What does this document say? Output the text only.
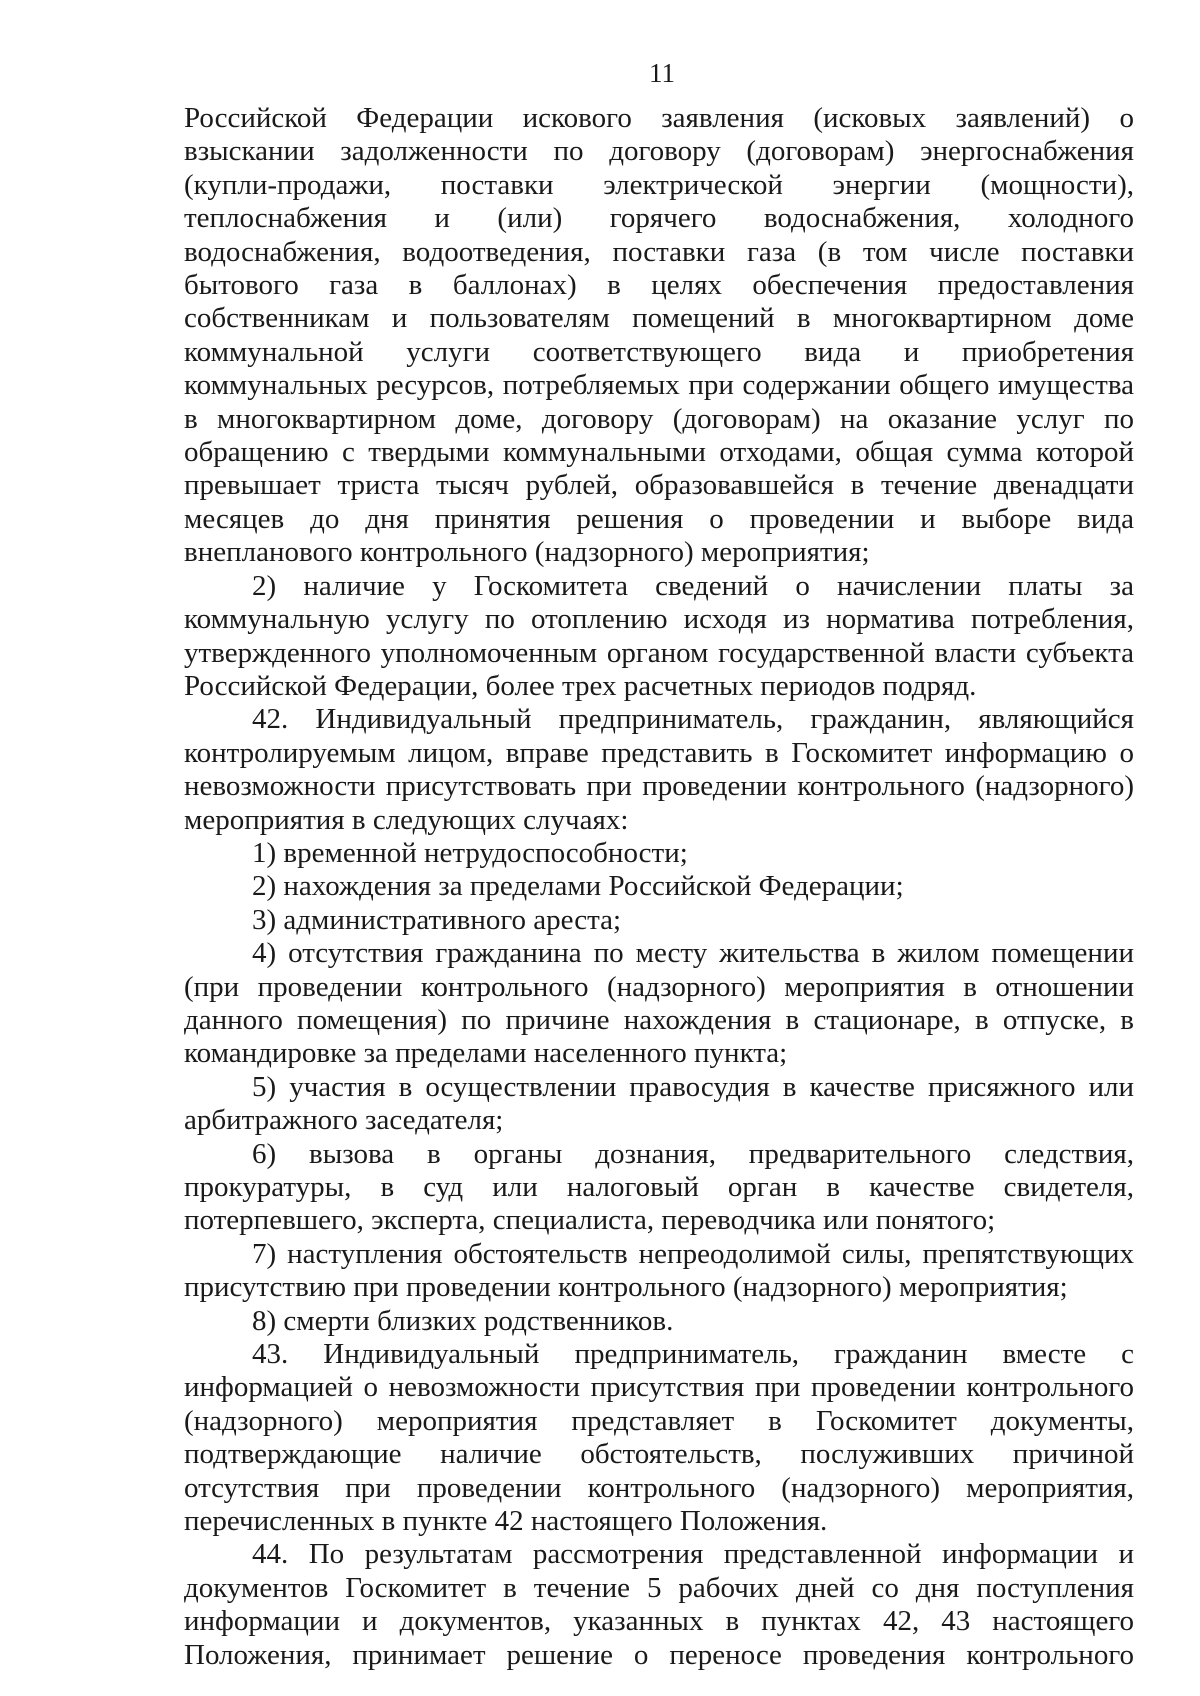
11

Российской Федерации искового заявления (исковых заявлений) о взыскании задолженности по договору (договорам) энергоснабжения (купли-продажи, поставки электрической энергии (мощности), теплоснабжения и (или) горячего водоснабжения, холодного водоснабжения, водоотведения, поставки газа (в том числе поставки бытового газа в баллонах) в целях обеспечения предоставления собственникам и пользователям помещений в многоквартирном доме коммунальной услуги соответствующего вида и приобретения коммунальных ресурсов, потребляемых при содержании общего имущества в многоквартирном доме, договору (договорам) на оказание услуг по обращению с твердыми коммунальными отходами, общая сумма которой превышает триста тысяч рублей, образовавшейся в течение двенадцати месяцев до дня принятия решения о проведении и выборе вида внепланового контрольного (надзорного) мероприятия;

2) наличие у Госкомитета сведений о начислении платы за коммунальную услугу по отоплению исходя из норматива потребления, утвержденного уполномоченным органом государственной власти субъекта Российской Федерации, более трех расчетных периодов подряд.

42. Индивидуальный предприниматель, гражданин, являющийся контролируемым лицом, вправе представить в Госкомитет информацию о невозможности присутствовать при проведении контрольного (надзорного) мероприятия в следующих случаях:

1) временной нетрудоспособности;

2) нахождения за пределами Российской Федерации;

3) административного ареста;

4) отсутствия гражданина по месту жительства в жилом помещении (при проведении контрольного (надзорного) мероприятия в отношении данного помещения) по причине нахождения в стационаре, в отпуске, в командировке за пределами населенного пункта;

5) участия в осуществлении правосудия в качестве присяжного или арбитражного заседателя;

6) вызова в органы дознания, предварительного следствия, прокуратуры, в суд или налоговый орган в качестве свидетеля, потерпевшего, эксперта, специалиста, переводчика или понятого;

7) наступления обстоятельств непреодолимой силы, препятствующих присутствию при проведении контрольного (надзорного) мероприятия;

8) смерти близких родственников.

43. Индивидуальный предприниматель, гражданин вместе с информацией о невозможности присутствия при проведении контрольного (надзорного) мероприятия представляет в Госкомитет документы, подтверждающие наличие обстоятельств, послуживших причиной отсутствия при проведении контрольного (надзорного) мероприятия, перечисленных в пункте 42 настоящего Положения.

44. По результатам рассмотрения представленной информации и документов Госкомитет в течение 5 рабочих дней со дня поступления информации и документов, указанных в пунктах 42, 43 настоящего Положения, принимает решение о переносе проведения контрольного
